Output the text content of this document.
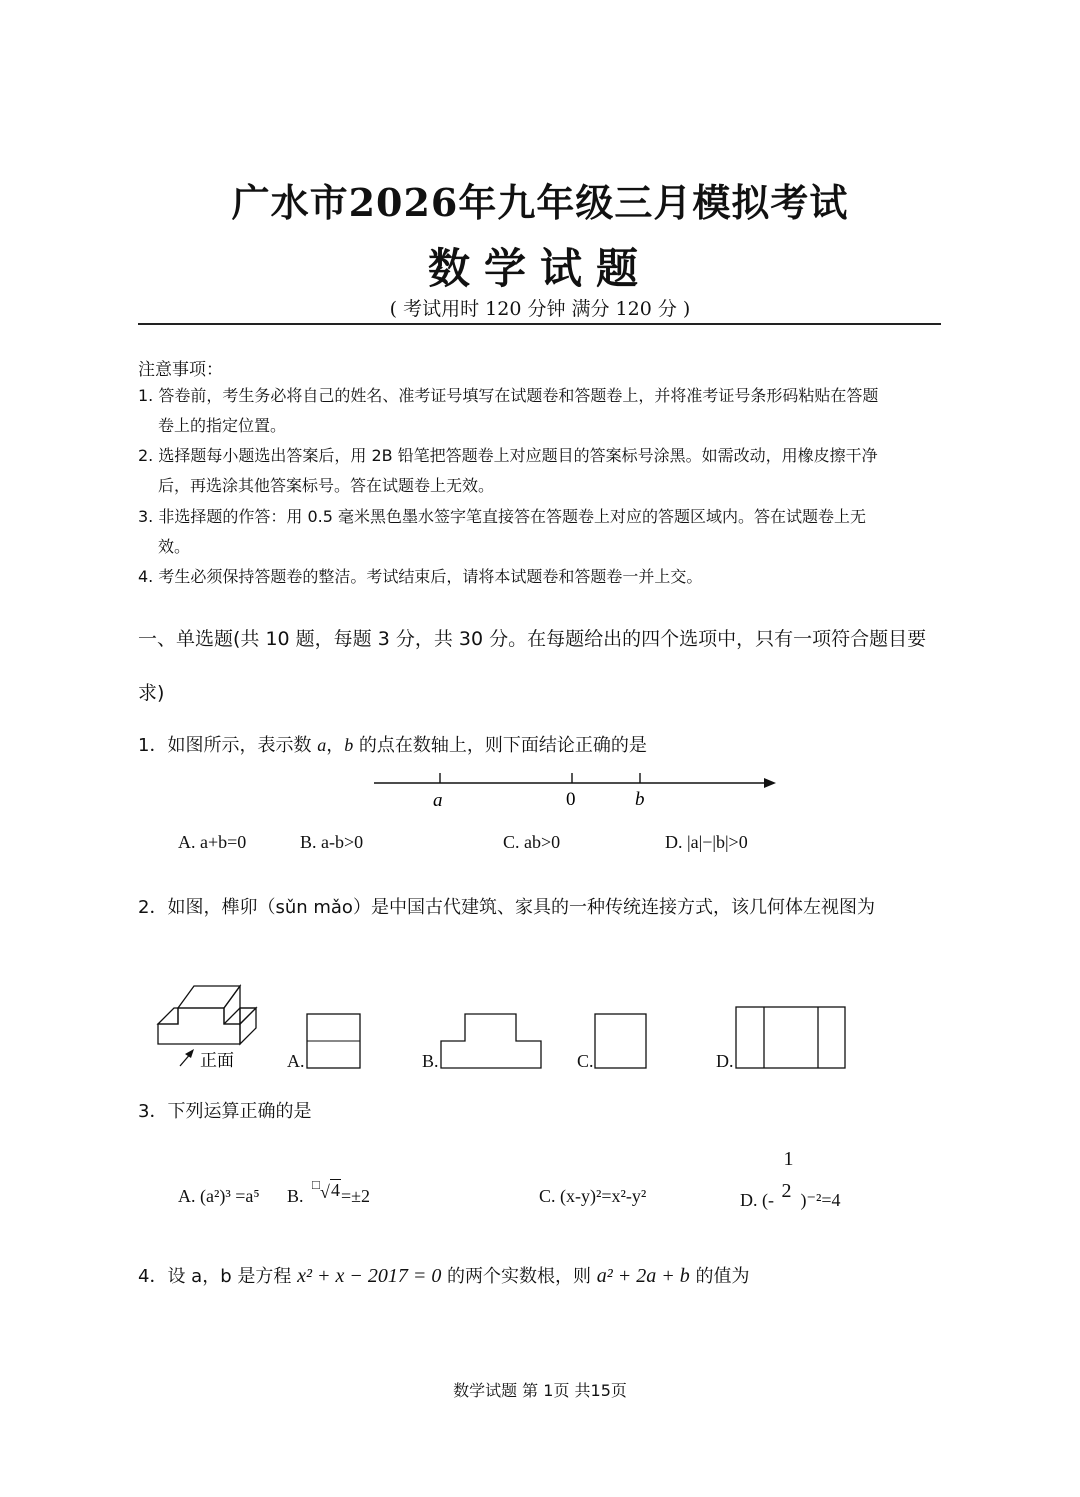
广水市2026年九年级三月模拟考试
数学试题
( 考试用时 120 分钟 满分 120 分 )
注意事项：
1. 答卷前，考生务必将自己的姓名、准考证号填写在试题卷和答题卷上，并将准考证号条形码粘贴在答题
卷上的指定位置。
2. 选择题每小题选出答案后，用 2B 铅笔把答题卷上对应题目的答案标号涂黑。如需改动，用橡皮擦干净
后，再选涂其他答案标号。答在试题卷上无效。
3. 非选择题的作答：用 0.5 毫米黑色墨水签字笔直接答在答题卷上对应的答题区域内。答在试题卷上无
效。
4. 考生必须保持答题卷的整洁。考试结束后，请将本试题卷和答题卷一并上交。
一、单选题(共 10 题，每题 3 分，共 30 分。在每题给出的四个选项中，只有一项符合题目要求)
1．如图所示，表示数 a，b 的点在数轴上，则下面结论正确的是
a	0	b
A. a+b=0	B. a-b>0	C. ab>0	D. |a|−|b|>0
2．如图，榫卯（sǔn mǎo）是中国古代建筑、家具的一种传统连接方式，该几何体左视图为
正面	A.	B.	C.	D.
3．下列运算正确的是
A. (a²)³ =a⁵ B.
□ √ 4=±2	C. (x-y)²=x²-y²	D. (-
1
2 )⁻²=4
4．设 a，b 是方程 x² + x − 2017 = 0 的两个实数根，则 a² + 2a + b 的值为
数学试题 第 1页 共15页
